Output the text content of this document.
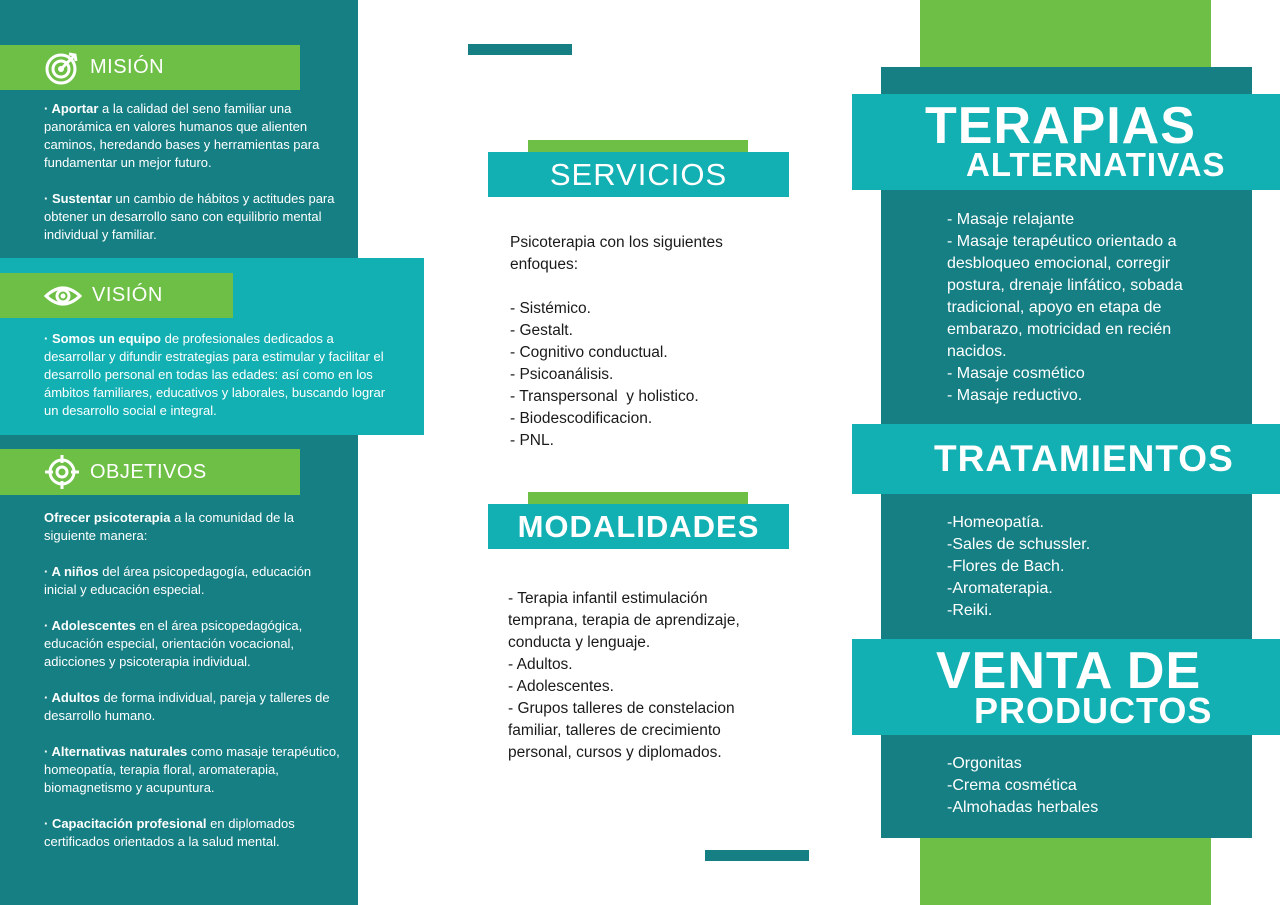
MISIÓN

· Aportar a la calidad del seno familiar una panorámica en valores humanos que alienten caminos, heredando bases y herramientas para fundamentar un mejor futuro.

· Sustentar un cambio de hábitos y actitudes para obtener un desarrollo sano con equilibrio mental individual y familiar.

VISIÓN

· Somos un equipo de profesionales dedicados a desarrollar y difundir estrategias para estimular y facilitar el desarrollo personal en todas las edades: así como en los ámbitos familiares, educativos y laborales, buscando lograr un desarrollo social e integral.

OBJETIVOS

Ofrecer psicoterapia a la comunidad de la siguiente manera:

· A niños del área psicopedagogía, educación inicial y educación especial.

· Adolescentes en el área psicopedagógica, educación especial, orientación vocacional, adicciones y psicoterapia individual.

· Adultos de forma individual, pareja y talleres de desarrollo humano.

· Alternativas naturales como masaje terapéutico, homeopatía, terapia floral, aromaterapia, biomagnetismo y acupuntura.

· Capacitación profesional en diplomados certificados orientados a la salud mental.

SERVICIOS

Psicoterapia con los siguientes enfoques:

- Sistémico.

- Gestalt.

- Cognitivo conductual.

- Psicoanálisis.

- Transpersonal  y holistico.

- Biodescodificacion.

- PNL.

MODALIDADES

- Terapia infantil estimulación temprana, terapia de aprendizaje, conducta y lenguaje.

- Adultos.

- Adolescentes.

- Grupos talleres de constelacion familiar, talleres de crecimiento personal, cursos y diplomados.

TERAPIAS
ALTERNATIVAS

- Masaje relajante

- Masaje terapéutico orientado a desbloqueo emocional, corregir postura, drenaje linfático, sobada tradicional, apoyo en etapa de embarazo, motricidad en recién nacidos.

- Masaje cosmético

- Masaje reductivo.

TRATAMIENTOS

-Homeopatía.

-Sales de schussler.

-Flores de Bach.

-Aromaterapia.

-Reiki.

VENTA DE
PRODUCTOS

-Orgonitas

-Crema cosmética

-Almohadas herbales
